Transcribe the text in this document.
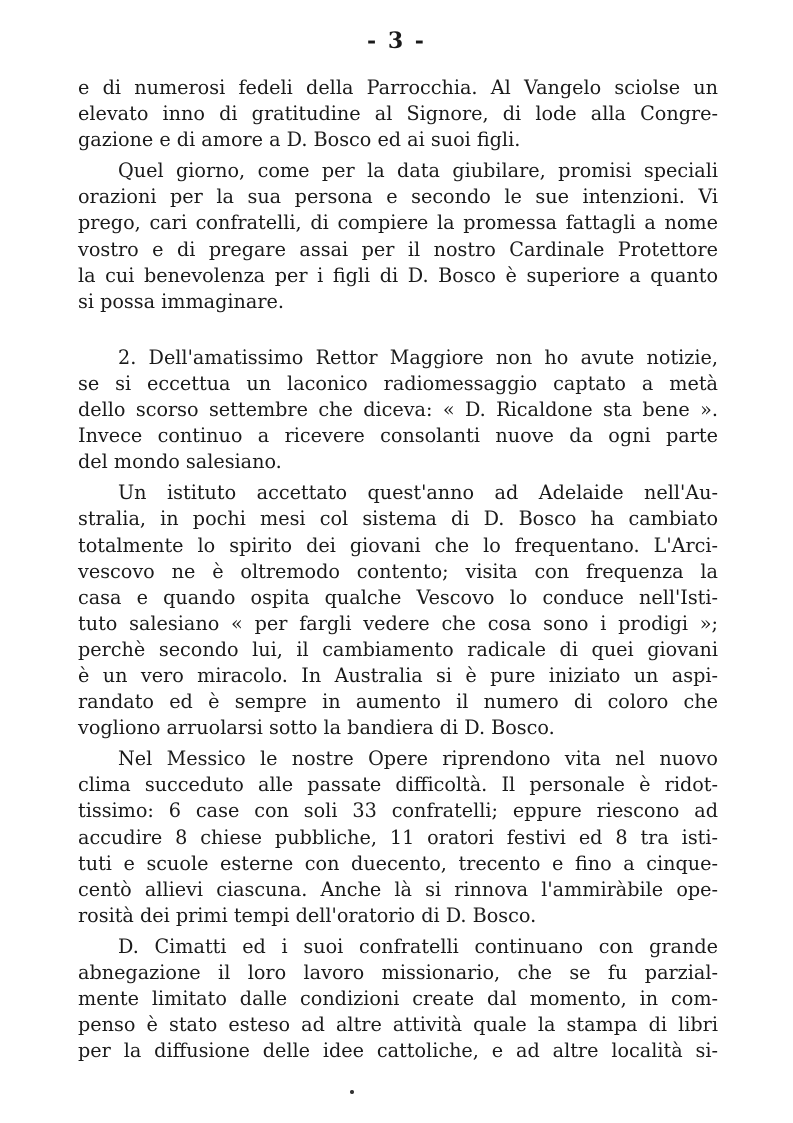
- 3 -

e di numerosi fedeli della Parrocchia. Al Vangelo sciolse un
elevato inno di gratitudine al Signore, di lode alla Congre-
gazione e di amore a D. Bosco ed ai suoi figli.

Quel giorno, come per la data giubilare, promisi speciali
orazioni per la sua persona e secondo le sue intenzioni. Vi
prego, cari confratelli, di compiere la promessa fattagli a nome
vostro e di pregare assai per il nostro Cardinale Protettore
la cui benevolenza per i figli di D. Bosco è superiore a quanto
si possa immaginare.

2. Dell'amatissimo Rettor Maggiore non ho avute notizie,
se si eccettua un laconico radiomessaggio captato a metà
dello scorso settembre che diceva: « D. Ricaldone sta bene ».
Invece continuo a ricevere consolanti nuove da ogni parte
del mondo salesiano.

Un istituto accettato quest'anno ad Adelaide nell'Au-
stralia, in pochi mesi col sistema di D. Bosco ha cambiato
totalmente lo spirito dei giovani che lo frequentano. L'Arci-
vescovo ne è oltremodo contento; visita con frequenza la
casa e quando ospita qualche Vescovo lo conduce nell'Isti-
tuto salesiano « per fargli vedere che cosa sono i prodigi »;
perchè secondo lui, il cambiamento radicale di quei giovani
è un vero miracolo. In Australia si è pure iniziato un aspi-
randato ed è sempre in aumento il numero di coloro che
vogliono arruolarsi sotto la bandiera di D. Bosco.

Nel Messico le nostre Opere riprendono vita nel nuovo
clima succeduto alle passate difficoltà. Il personale è ridot-
tissimo: 6 case con soli 33 confratelli; eppure riescono ad
accudire 8 chiese pubbliche, 11 oratori festivi ed 8 tra isti-
tuti e scuole esterne con duecento, trecento e fino a cinque-
centò allievi ciascuna. Anche là si rinnova l'ammiràbile ope-
rosità dei primi tempi dell'oratorio di D. Bosco.

D. Cimatti ed i suoi confratelli continuano con grande
abnegazione il loro lavoro missionario, che se fu parzial-
mente limitato dalle condizioni create dal momento, in com-
penso è stato esteso ad altre attività quale la stampa di libri
per la diffusione delle idee cattoliche, e ad altre località si-
